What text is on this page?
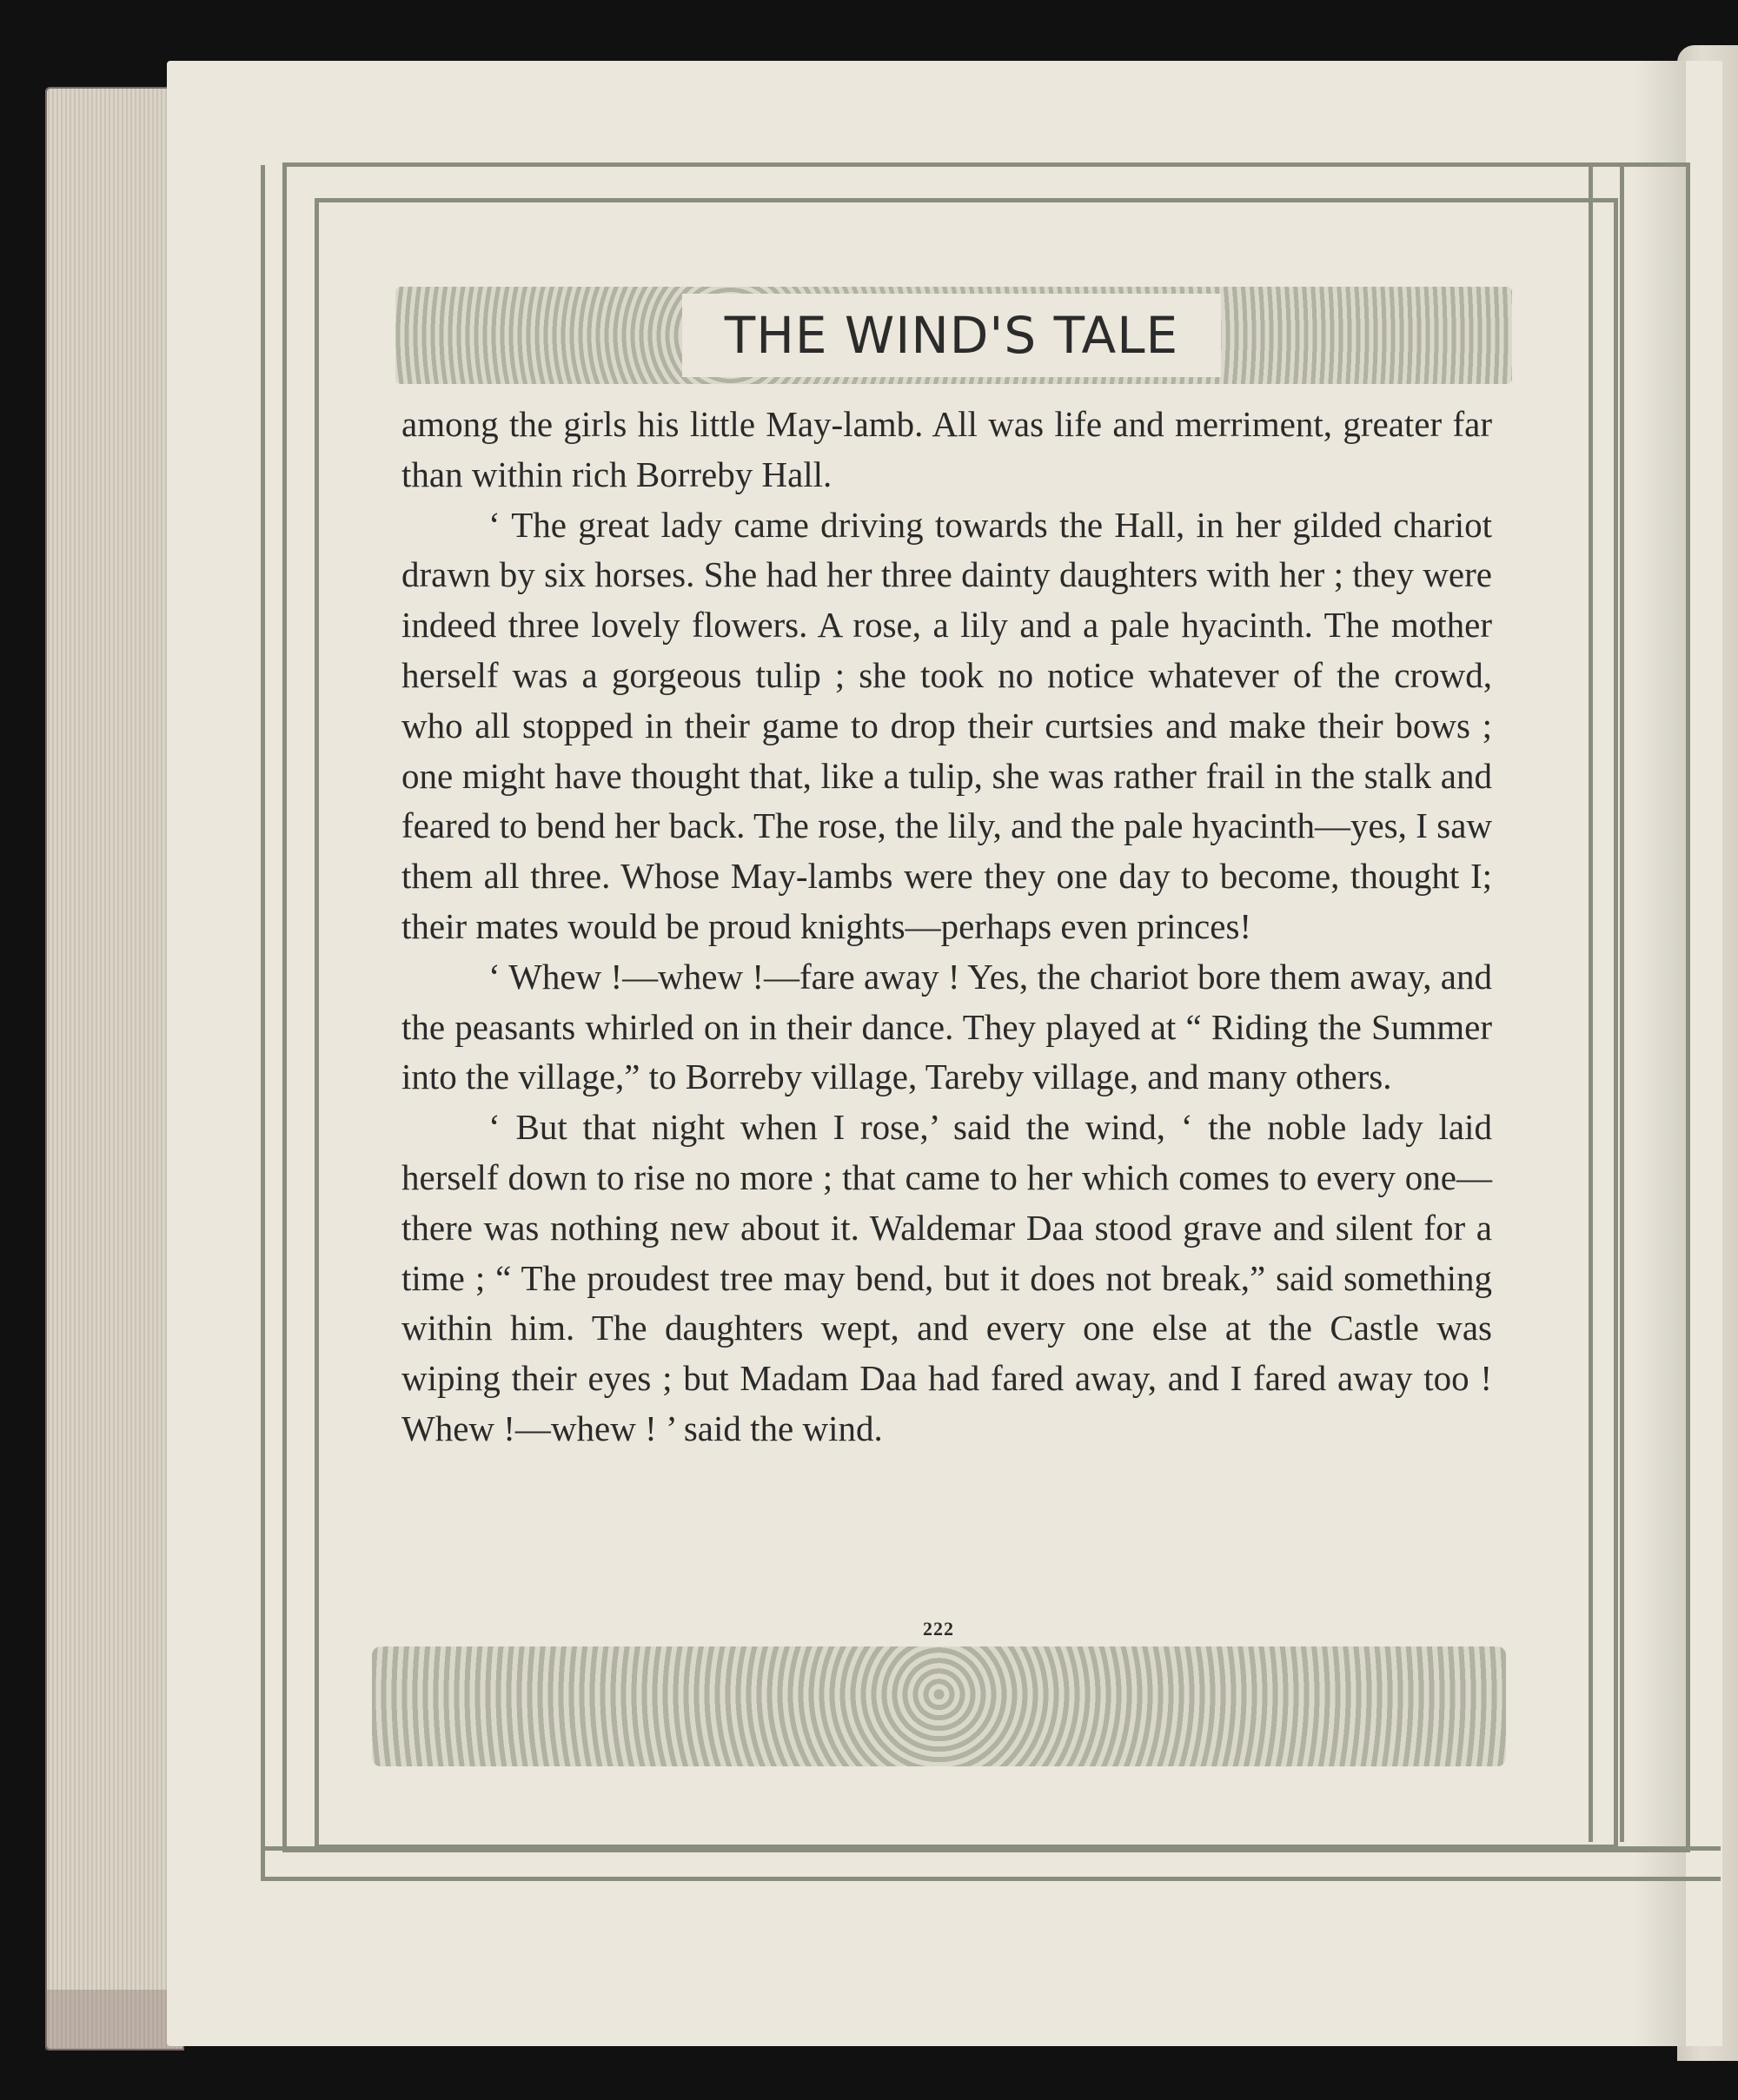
THE WIND'S TALE

among the girls his little May-lamb. All was life and merriment, greater far than within rich Borreby Hall.

‘ The great lady came driving towards the Hall, in her gilded chariot drawn by six horses. She had her three dainty daughters with her ; they were indeed three lovely flowers. A rose, a lily and a pale hyacinth. The mother herself was a gorgeous tulip ; she took no notice whatever of the crowd, who all stopped in their game to drop their curtsies and make their bows ; one might have thought that, like a tulip, she was rather frail in the stalk and feared to bend her back. The rose, the lily, and the pale hyacinth—yes, I saw them all three. Whose May-lambs were they one day to become, thought I; their mates would be proud knights—perhaps even princes!

‘ Whew !—whew !—fare away ! Yes, the chariot bore them away, and the peasants whirled on in their dance. They played at “ Riding the Summer into the village,” to Borreby village, Tareby village, and many others.

‘ But that night when I rose,’ said the wind, ‘ the noble lady laid herself down to rise no more ; that came to her which comes to every one—there was nothing new about it. Waldemar Daa stood grave and silent for a time ; “ The proudest tree may bend, but it does not break,” said something within him. The daughters wept, and every one else at the Castle was wiping their eyes ; but Madam Daa had fared away, and I fared away too ! Whew !—whew ! ’ said the wind.

222
